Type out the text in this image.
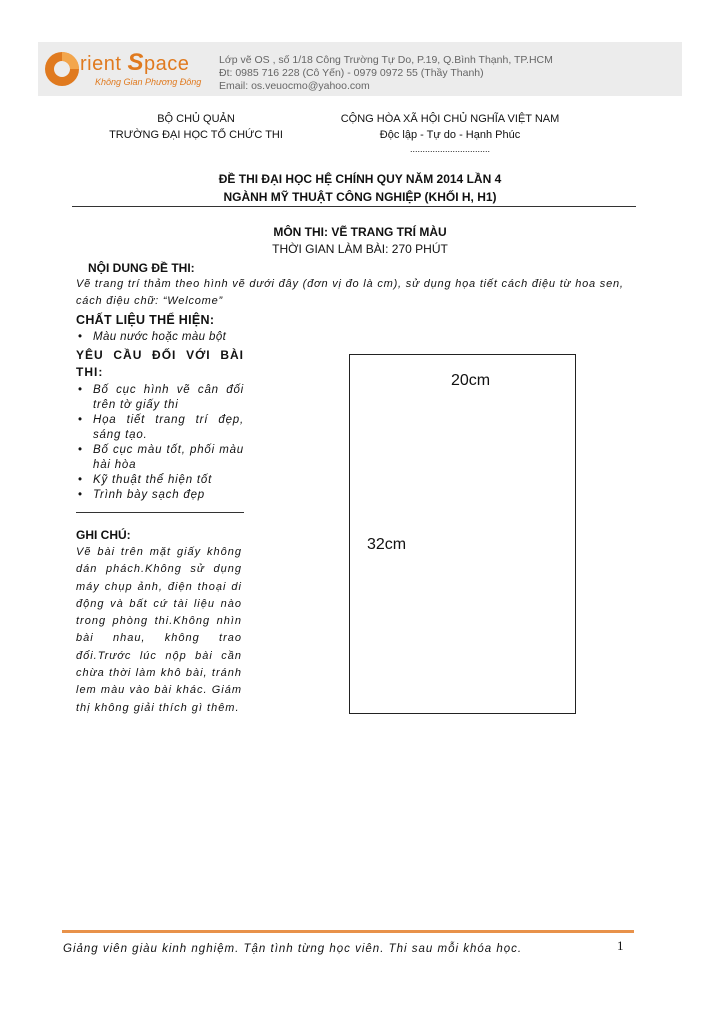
rient Space
Không Gian Phương Đông
Lớp vẽ OS , số 1/18 Công Trường Tự Do, P.19, Q.Bình Thạnh, TP.HCM
Đt: 0985 716 228 (Cô Yến) - 0979 0972 55 (Thầy Thanh)
Email: os.veuocmo@yahoo.com
BỘ CHỦ QUẢN
TRƯỜNG ĐẠI HỌC TỔ CHỨC THI
CỘNG HÒA XÃ HỘI CHỦ NGHĨA VIỆT NAM
Độc lập - Tự do - Hạnh Phúc
................................
ĐỀ THI ĐẠI HỌC HỆ CHÍNH QUY NĂM 2014 LẦN 4
NGÀNH MỸ THUẬT CÔNG NGHIỆP (KHỐI H, H1)
MÔN THI: VẼ TRANG TRÍ MÀU
THỜI GIAN LÀM BÀI: 270 PHÚT
NỘI DUNG ĐỀ THI:
Vẽ trang trí thảm theo hình vẽ dưới đây (đơn vị đo là cm), sử dụng họa tiết cách điệu từ hoa sen, cách điệu chữ: “Welcome”
CHẤT LIỆU THỂ HIỆN:
• Màu nước hoặc màu bột
YÊU CẦU ĐỐI VỚI BÀI THI:
• Bố cục hình vẽ cân đối trên tờ giấy thi
• Họa tiết trang trí đẹp, sáng tạo.
• Bố cục màu tốt, phối màu hài hòa
• Kỹ thuật thể hiện tốt
• Trình bày sạch đẹp
GHI CHÚ:
Vẽ bài trên mặt giấy không dán phách.Không sử dụng máy chụp ảnh, điện thoại di động và bất cứ tài liệu nào trong phòng thi.Không nhìn bài nhau, không trao đổi.Trước lúc nộp bài cần chừa thời làm khô bài, tránh lem màu vào bài khác. Giám thị không giải thích gì thêm.
20cm
32cm
Giảng viên giàu kinh nghiệm. Tận tình từng học viên. Thi sau mỗi khóa học.	1
